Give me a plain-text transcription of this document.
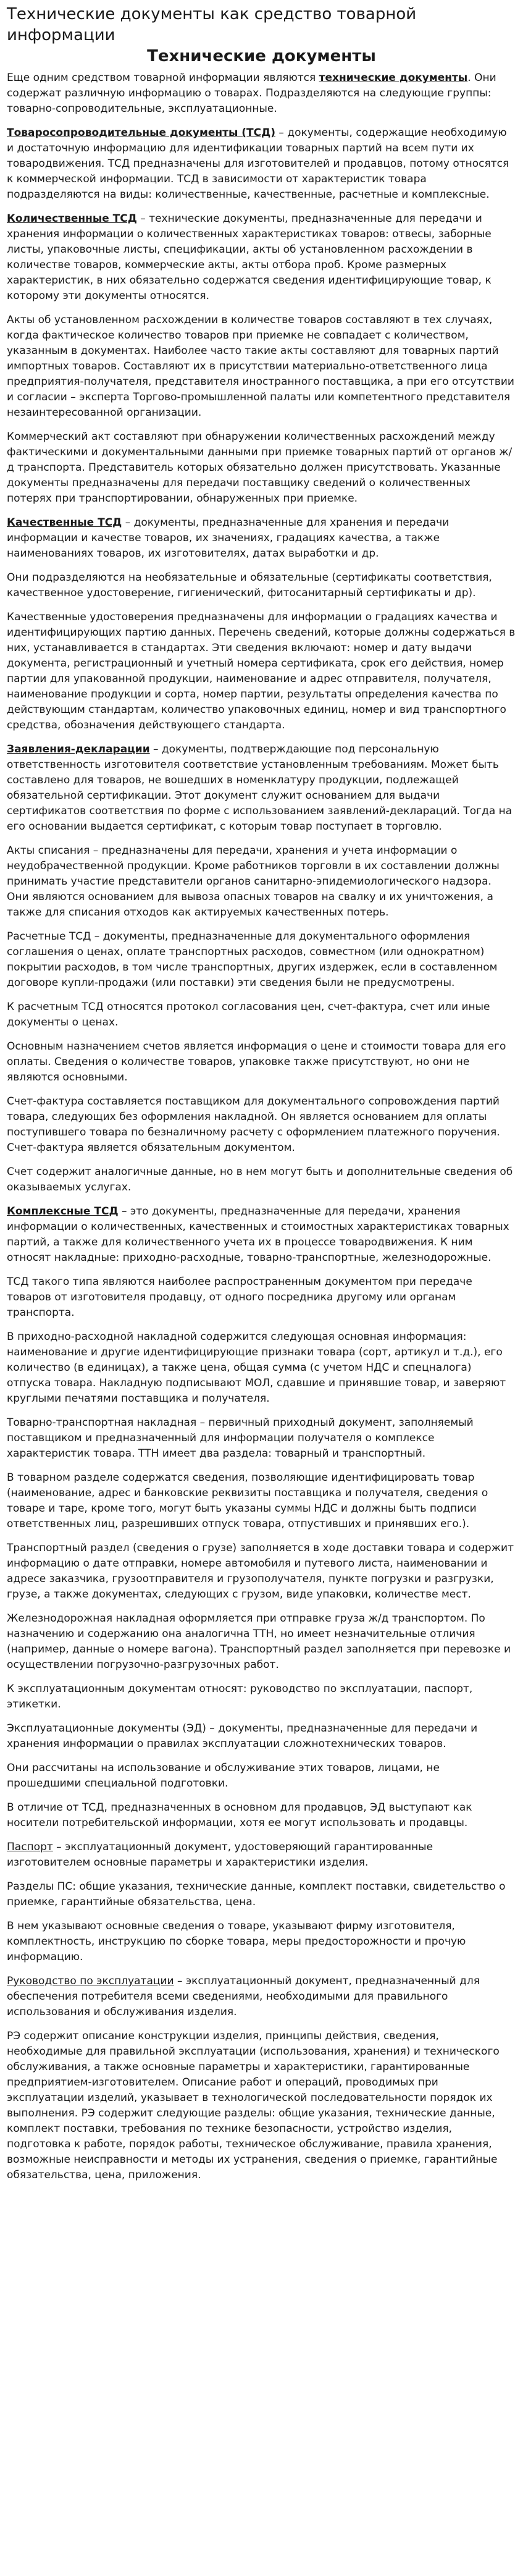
Технические документы как средство товарной информации
Технические документы

Еще одним средством товарной информации являются технические документы. Они содержат различную информацию о товарах. Подразделяются на следующие группы: товарно-сопроводительные, эксплуатационные.

Товаросопроводительные документы (ТСД) – документы, содержащие необходимую и достаточную информацию для идентификации товарных партий на всем пути их товародвижения. ТСД предназначены для изготовителей и продавцов, потому относятся к коммерческой информации. ТСД в зависимости от характеристик товара подразделяются на виды: количественные, качественные, расчетные и комплексные.

Количественные ТСД – технические документы, предназначенные для передачи и хранения информации о количественных характеристиках товаров: отвесы, заборные листы, упаковочные листы, спецификации, акты об установленном расхождении в количестве товаров, коммерческие акты, акты отбора проб. Кроме размерных характеристик, в них обязательно содержатся сведения идентифицирующие товар, к которому эти документы относятся.

Акты об установленном расхождении в количестве товаров составляют в тех случаях, когда фактическое количество товаров при приемке не совпадает с количеством, указанным в документах. Наиболее часто такие акты составляют для товарных партий импортных товаров. Составляют их в присутствии материально-ответственного лица предприятия-получателя, представителя иностранного поставщика, а при его отсутствии и согласии – эксперта Торгово-промышленной палаты или компетентного представителя незаинтересованной организации.

Коммерческий акт составляют при обнаружении количественных расхождений между фактическими и документальными данными при приемке товарных партий от органов ж/д транспорта. Представитель которых обязательно должен присутствовать. Указанные документы предназначены для передачи поставщику сведений о количественных потерях при транспортировании, обнаруженных при приемке.

Качественные ТСД – документы, предназначенные для хранения и передачи информации и качестве товаров, их значениях, градациях качества, а также наименованиях товаров, их изготовителях, датах выработки и др.

Они подразделяются на необязательные и обязательные (сертификаты соответствия, качественное удостоверение, гигиенический, фитосанитарный сертификаты и др).

Качественные удостоверения предназначены для информации о градациях качества и идентифицирующих партию данных. Перечень сведений, которые должны содержаться в них, устанавливается в стандартах. Эти сведения включают: номер и дату выдачи документа, регистрационный и учетный номера сертификата, срок его действия, номер партии для упакованной продукции, наименование и адрес отправителя, получателя, наименование продукции и сорта, номер партии, результаты определения качества по действующим стандартам, количество упаковочных единиц, номер и вид транспортного средства, обозначения действующего стандарта.

Заявления-декларации – документы, подтверждающие под персональную ответственность изготовителя соответствие установленным требованиям. Может быть составлено для товаров, не вошедших в номенклатуру продукции, подлежащей обязательной сертификации. Этот документ служит основанием для выдачи сертификатов соответствия по форме с использованием заявлений-деклараций. Тогда на его основании выдается сертификат, с которым товар поступает в торговлю.

Акты списания – предназначены для передачи, хранения и учета информации о неудобрачественной продукции. Кроме работников торговли в их составлении должны принимать участие представители органов санитарно-эпидемиологического надзора. Они являются основанием для вывоза опасных товаров на свалку и их уничтожения, а также для списания отходов как актируемых качественных потерь.

Расчетные ТСД – документы, предназначенные для документального оформления соглашения о ценах, оплате транспортных расходов, совместном (или однократном) покрытии расходов, в том числе транспортных, других издержек, если в составленном договоре купли-продажи (или поставки) эти сведения были не предусмотрены.

К расчетным ТСД относятся протокол согласования цен, счет-фактура, счет или иные документы о ценах.

Основным назначением счетов является информация о цене и стоимости товара для его оплаты. Сведения о количестве товаров, упаковке также присутствуют, но они не являются основными.

Счет-фактура составляется поставщиком для документального сопровождения партий товара, следующих без оформления накладной. Он является основанием для оплаты поступившего товара по безналичному расчету с оформлением платежного поручения. Счет-фактура является обязательным документом.

Счет содержит аналогичные данные, но в нем могут быть и дополнительные сведения об оказываемых услугах.

Комплексные ТСД – это документы, предназначенные для передачи, хранения информации о количественных, качественных и стоимостных характеристиках товарных партий, а также для количественного учета их в процессе товародвижения. К ним относят накладные: приходно-расходные, товарно-транспортные, железнодорожные.

ТСД такого типа являются наиболее распространенным документом при передаче товаров от изготовителя продавцу, от одного посредника другому или органам транспорта.

В приходно-расходной накладной содержится следующая основная информация: наименование и другие идентифицирующие признаки товара (сорт, артикул и т.д.), его количество (в единицах), а также цена, общая сумма (с учетом НДС и спецналога) отпуска товара. Накладную подписывают МОЛ, сдавшие и принявшие товар, и заверяют круглыми печатями поставщика и получателя.

Товарно-транспортная накладная – первичный приходный документ, заполняемый поставщиком и предназначенный для информации получателя о комплексе характеристик товара. ТТН имеет два раздела: товарный и транспортный.

В товарном разделе содержатся сведения, позволяющие идентифицировать товар (наименование, адрес и банковские реквизиты поставщика и получателя, сведения о товаре и таре, кроме того, могут быть указаны суммы НДС и должны быть подписи ответственных лиц, разрешивших отпуск товара, отпустивших и принявших его.).

Транспортный раздел (сведения о грузе) заполняется в ходе доставки товара и содержит информацию о дате отправки, номере автомобиля и путевого листа, наименовании и адресе заказчика, грузоотправителя и грузополучателя, пункте погрузки и разгрузки, грузе, а также документах, следующих с грузом, виде упаковки, количестве мест.

Железнодорожная накладная оформляется при отправке груза ж/д транспортом. По назначению и содержанию она аналогична ТТН, но имеет незначительные отличия (например, данные о номере вагона). Транспортный раздел заполняется при перевозке и осуществлении погрузочно-разгрузочных работ.

К эксплуатационным документам относят: руководство по эксплуатации, паспорт, этикетки.

Эксплуатационные документы (ЭД) – документы, предназначенные для передачи и хранения информации о правилах эксплуатации сложнотехнических товаров.

Они рассчитаны на использование и обслуживание этих товаров, лицами, не прошедшими специальной подготовки.

В отличие от ТСД, предназначенных в основном для продавцов, ЭД выступают как носители потребительской информации, хотя ее могут использовать и продавцы.

Паспорт – эксплуатационный документ, удостоверяющий гарантированные изготовителем основные параметры и характеристики изделия.

Разделы ПС: общие указания, технические данные, комплект поставки, свидетельство о приемке, гарантийные обязательства, цена.

В нем указывают основные сведения о товаре, указывают фирму изготовителя, комплектность, инструкцию по сборке товара, меры предосторожности и прочую информацию.

Руководство по эксплуатации – эксплуатационный документ, предназначенный для обеспечения потребителя всеми сведениями, необходимыми для правильного использования и обслуживания изделия.

РЭ содержит описание конструкции изделия, принципы действия, сведения, необходимые для правильной эксплуатации (использования, хранения) и технического обслуживания, а также основные параметры и характеристики, гарантированные предприятием-изготовителем. Описание работ и операций, проводимых при эксплуатации изделий, указывает в технологической последовательности порядок их выполнения. РЭ содержит следующие разделы: общие указания, технические данные, комплект поставки, требования по технике безопасности, устройство изделия, подготовка к работе, порядок работы, техническое обслуживание, правила хранения, возможные неисправности и методы их устранения, сведения о приемке, гарантийные обязательства, цена, приложения.
